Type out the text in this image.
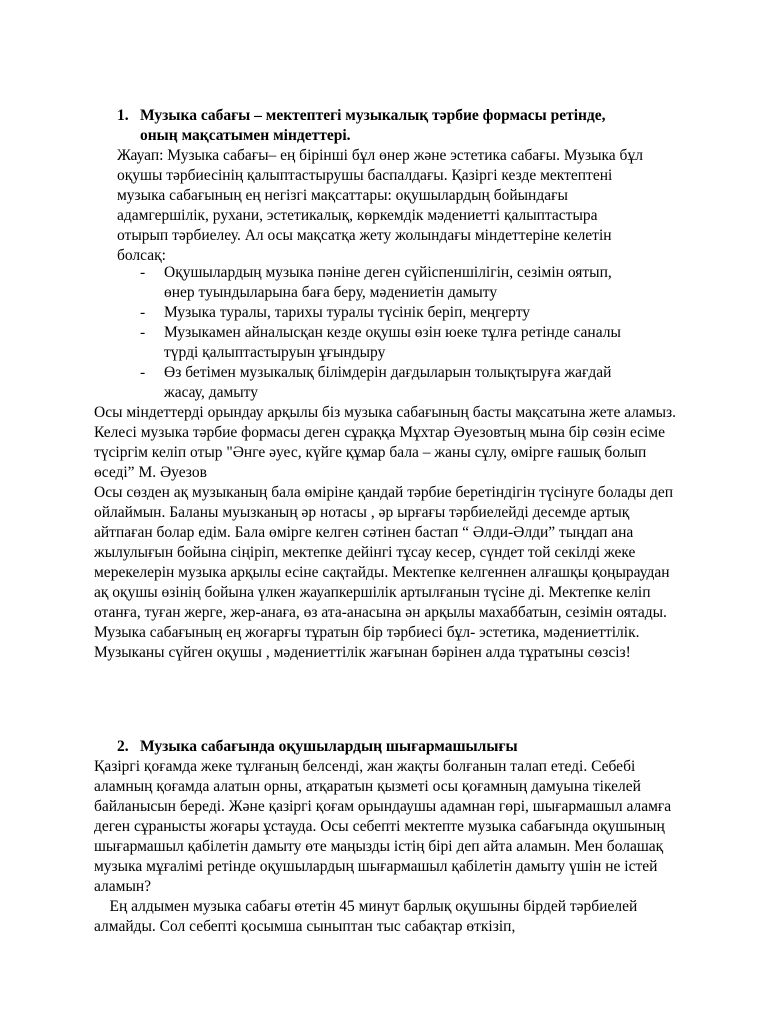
1. Музыка сабағы – мектептегі музыкалық тәрбие формасы ретінде, оның мақсатымен міндеттері.

Жауап: Музыка сабағы– ең бірінші бұл өнер және эстетика сабағы. Музыка бұл оқушы тәрбиесінің қалыптастырушы баспалдағы. Қазіргі кезде мектептені музыка сабағының ең негізгі мақсаттары: оқушылардың бойындағы адамгершілік, рухани, эстетикалық, көркемдік мәдениетті қалыптастыра отырып тәрбиелеу. Ал осы мақсатқа жету жолындағы міндеттеріне келетін болсақ:

- Оқушылардың музыка пәніне деген сүйіспеншілігін, сезімін оятып, өнер туындыларына баға беру, мәдениетін дамыту
- Музыка туралы, тарихы туралы түсінік беріп, меңгерту
- Музыкамен айналысқан кезде оқушы өзін юеке тұлға ретінде саналы түрді қалыптастыруын ұғындыру
- Өз бетімен музыкалық білімдерін дағдыларын толықтыруға жағдай жасау, дамыту

Осы міндеттерді орындау арқылы біз музыка сабағының басты мақсатына жете аламыз.

Келесі музыка тәрбие формасы деген сұраққа Мұхтар Әуезовтың мына бір сөзін есіме түсіргім келіп отыр "Әнге әуес, күйге құмар бала – жаны сұлу, өмірге ғашық болып өседі” М. Әуезов

Осы сөзден ақ музыканың бала өміріне қандай тәрбие беретіндігін түсінуге болады деп ойлаймын. Баланы муызканың әр нотасы , әр ырғағы тәрбиелейді десемде артық айтпаған болар едім. Бала өмірге келген сәтінен бастап “ Әлди-Әлди” тыңдап ана жылулығын бойына сіңіріп, мектепке дейінгі тұсау кесер, сүндет той секілді жеке мерекелерін музыка арқылы есіне сақтайды. Мектепке келгеннен алғашқы қоңыраудан ақ оқушы өзінің бойына үлкен жауапкершілік артылғанын түсіне ді. Мектепке келіп отанға, туған жерге, жер-анаға, өз ата-анасына ән арқылы махаббатын, сезімін оятады. Музыка сабағының ең жоғарғы тұратын бір тәрбиесі бұл- эстетика, мәдениеттілік. Музыканы сүйген оқушы , мәдениеттілік жағынан бәрінен алда тұратыны сөзсіз!

2. Музыка сабағында оқушылардың шығармашылығы

Қазіргі қоғамда жеке тұлғаның белсенді, жан жақты болғанын талап етеді. Себебі аламның қоғамда алатын орны, атқаратын қызметі осы қоғамның дамуына тікелей байланысын береді. Және қазіргі қоғам орындаушы адамнан гөрі, шығармашыл аламға деген сұранысты жоғары ұстауда. Осы себепті мектепте музыка сабағында оқушының шығармашыл қабілетін дамыту өте маңызды істің бірі деп айта аламын. Мен болашақ музыка мұғалімі ретінде оқушылардың шығармашыл қабілетін дамыту үшін не істей аламын?

Ең алдымен музыка сабағы өтетін 45 минут барлық оқушыны бірдей тәрбиелей алмайды. Сол себепті қосымша сыныптан тыс сабақтар өткізіп,
